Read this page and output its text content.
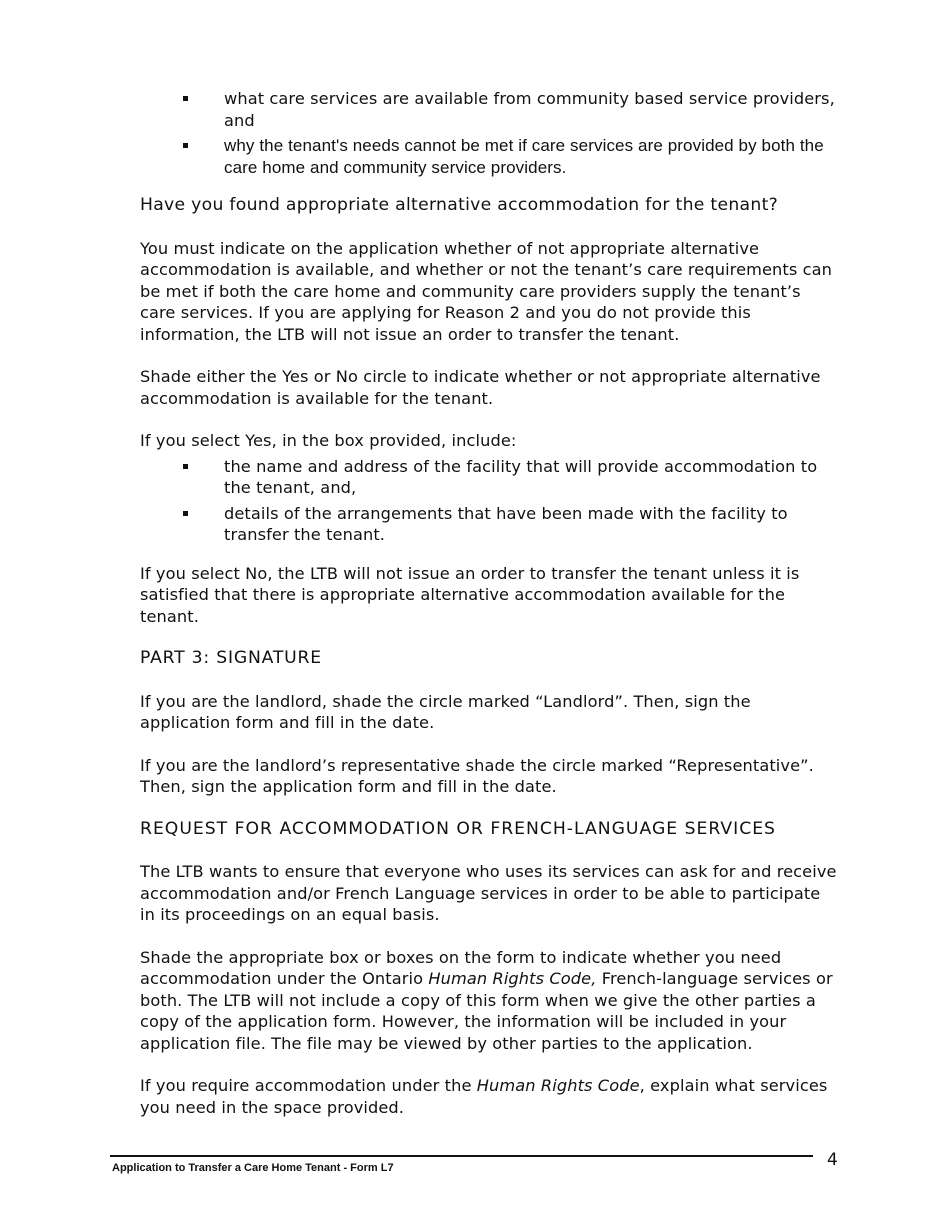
what care services are available from community based service providers, and
why the tenant's needs cannot be met if care services are provided by both the care home and community service providers.

Have you found appropriate alternative accommodation for the tenant?

You must indicate on the application whether of not appropriate alternative accommodation is available, and whether or not the tenant’s care requirements can be met if both the care home and community care providers supply the tenant’s care services. If you are applying for Reason 2 and you do not provide this information, the LTB will not issue an order to transfer the tenant.

Shade either the Yes or No circle to indicate whether or not appropriate alternative accommodation is available for the tenant.

If you select Yes, in the box provided, include:

the name and address of the facility that will provide accommodation to the tenant, and,
details of the arrangements that have been made with the facility to transfer the tenant.

If you select No, the LTB will not issue an order to transfer the tenant unless it is satisfied that there is appropriate alternative accommodation available for the tenant.

PART 3: SIGNATURE

If you are the landlord, shade the circle marked “Landlord”. Then, sign the application form and fill in the date.

If you are the landlord’s representative shade the circle marked “Representative”. Then, sign the application form and fill in the date.

REQUEST FOR ACCOMMODATION OR FRENCH-LANGUAGE SERVICES

The LTB wants to ensure that everyone who uses its services can ask for and receive accommodation and/or French Language services in order to be able to participate in its proceedings on an equal basis.

Shade the appropriate box or boxes on the form to indicate whether you need accommodation under the Ontario Human Rights Code, French-language services or both. The LTB will not include a copy of this form when we give the other parties a copy of the application form. However, the information will be included in your application file. The file may be viewed by other parties to the application.

If you require accommodation under the Human Rights Code, explain what services you need in the space provided.

Application to Transfer a Care Home Tenant - Form L7	4
